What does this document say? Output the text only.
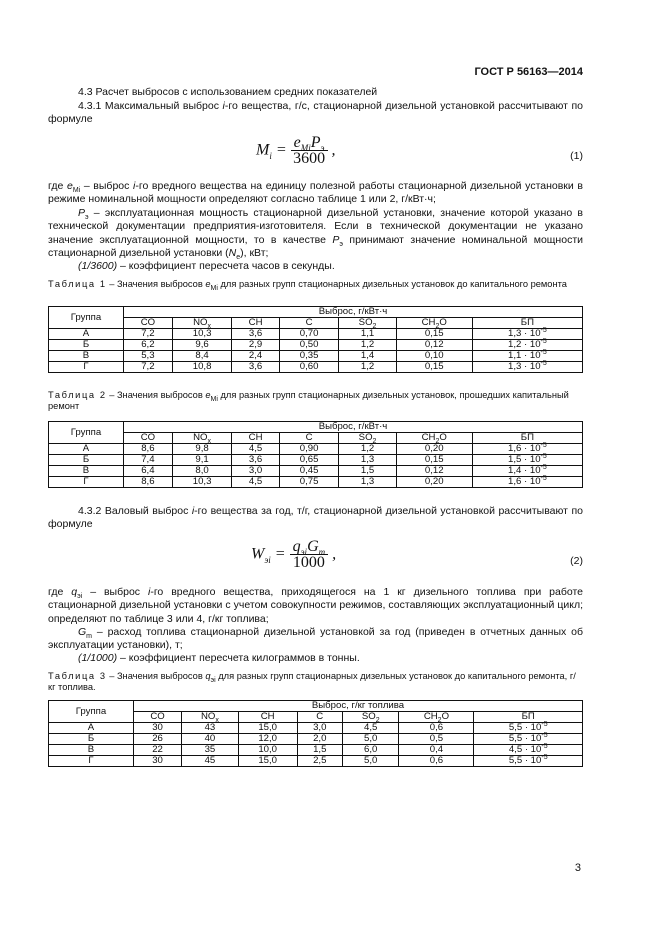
ГОСТ Р 56163—2014
4.3 Расчет выбросов с использованием средних показателей
4.3.1 Максимальный выброс i-го вещества, г/с, стационарной дизельной установкой рассчитывают по формуле
$M_i = \frac{e_{Mi}P_э}{3600}$ ,	(1)
где $e_{Mi}$ – выброс i-го вредного вещества на единицу полезной работы стационарной дизельной установки в режиме номинальной мощности определяют согласно таблице 1 или 2, г/кВт·ч;
$P_э$ – эксплуатационная мощность стационарной дизельной установки, значение которой указано в технической документации предприятия-изготовителя. Если в технической документации не указано значение эксплуатационной мощности, то в качестве $P_э$ принимают значение номинальной мощности стационарной дизельной установки $(N_e)$, кВт;
(1/3600) – коэффициент пересчета часов в секунды.
Таблица 1 – Значения выбросов $e_{Mi}$ для разных групп стационарных дизельных установок до капитального ремонта
Группа	Выброс, г/кВт·ч						
	CO	$NO_x$	CH	C	$SO_2$	$CH_2O$	БП
А	7,2	10,3	3,6	0,70	1,1	0,15	$1,3 \cdot 10^{-5}$
Б	6,2	9,6	2,9	0,50	1,2	0,12	$1,2 \cdot 10^{-5}$
В	5,3	8,4	2,4	0,35	1,4	0,10	$1,1 \cdot 10^{-5}$
Г	7,2	10,8	3,6	0,60	1,2	0,15	$1,3 \cdot 10^{-5}$
Таблица 2 – Значения выбросов $e_{Mi}$ для разных групп стационарных дизельных установок, прошедших капитальный ремонт
Группа	Выброс, г/кВт·ч						
	CO	$NO_x$	CH	C	$SO_2$	$CH_2O$	БП
А	8,6	9,8	4,5	0,90	1,2	0,20	$1,6 \cdot 10^{-5}$
Б	7,4	9,1	3,6	0,65	1,3	0,15	$1,5 \cdot 10^{-5}$
В	6,4	8,0	3,0	0,45	1,5	0,12	$1,4 \cdot 10^{-5}$
Г	8,6	10,3	4,5	0,75	1,3	0,20	$1,6 \cdot 10^{-5}$
4.3.2 Валовый выброс i-го вещества за год, т/г, стационарной дизельной установкой рассчитывают по формуле
$W_{эi} = \frac{q_{эi}G_m}{1000}$ ,	(2)
где $q_{эi}$ – выброс i-го вредного вещества, приходящегося на 1 кг дизельного топлива при работе стационарной дизельной установки с учетом совокупности режимов, составляющих эксплуатационный цикл; определяют по таблице 3 или 4, г/кг топлива;
$G_m$ – расход топлива стационарной дизельной установкой за год (приведен в отчетных данных об эксплуатации установки), т;
(1/1000) – коэффициент пересчета килограммов в тонны.
Таблица 3 – Значения выбросов $q_{эi}$ для разных групп стационарных дизельных установок до капитального ремонта, г/кг топлива.
Группа	Выброс, г/кг топлива						
	CO	$NO_x$	CH	C	$SO_2$	$CH_2O$	БП
А	30	43	15,0	3,0	4,5	0,6	$5,5 \cdot 10^{-5}$
Б	26	40	12,0	2,0	5,0	0,5	$5,5 \cdot 10^{-5}$
В	22	35	10,0	1,5	6,0	0,4	$4,5 \cdot 10^{-5}$
Г	30	45	15,0	2,5	5,0	0,6	$5,5 \cdot 10^{-5}$
3
